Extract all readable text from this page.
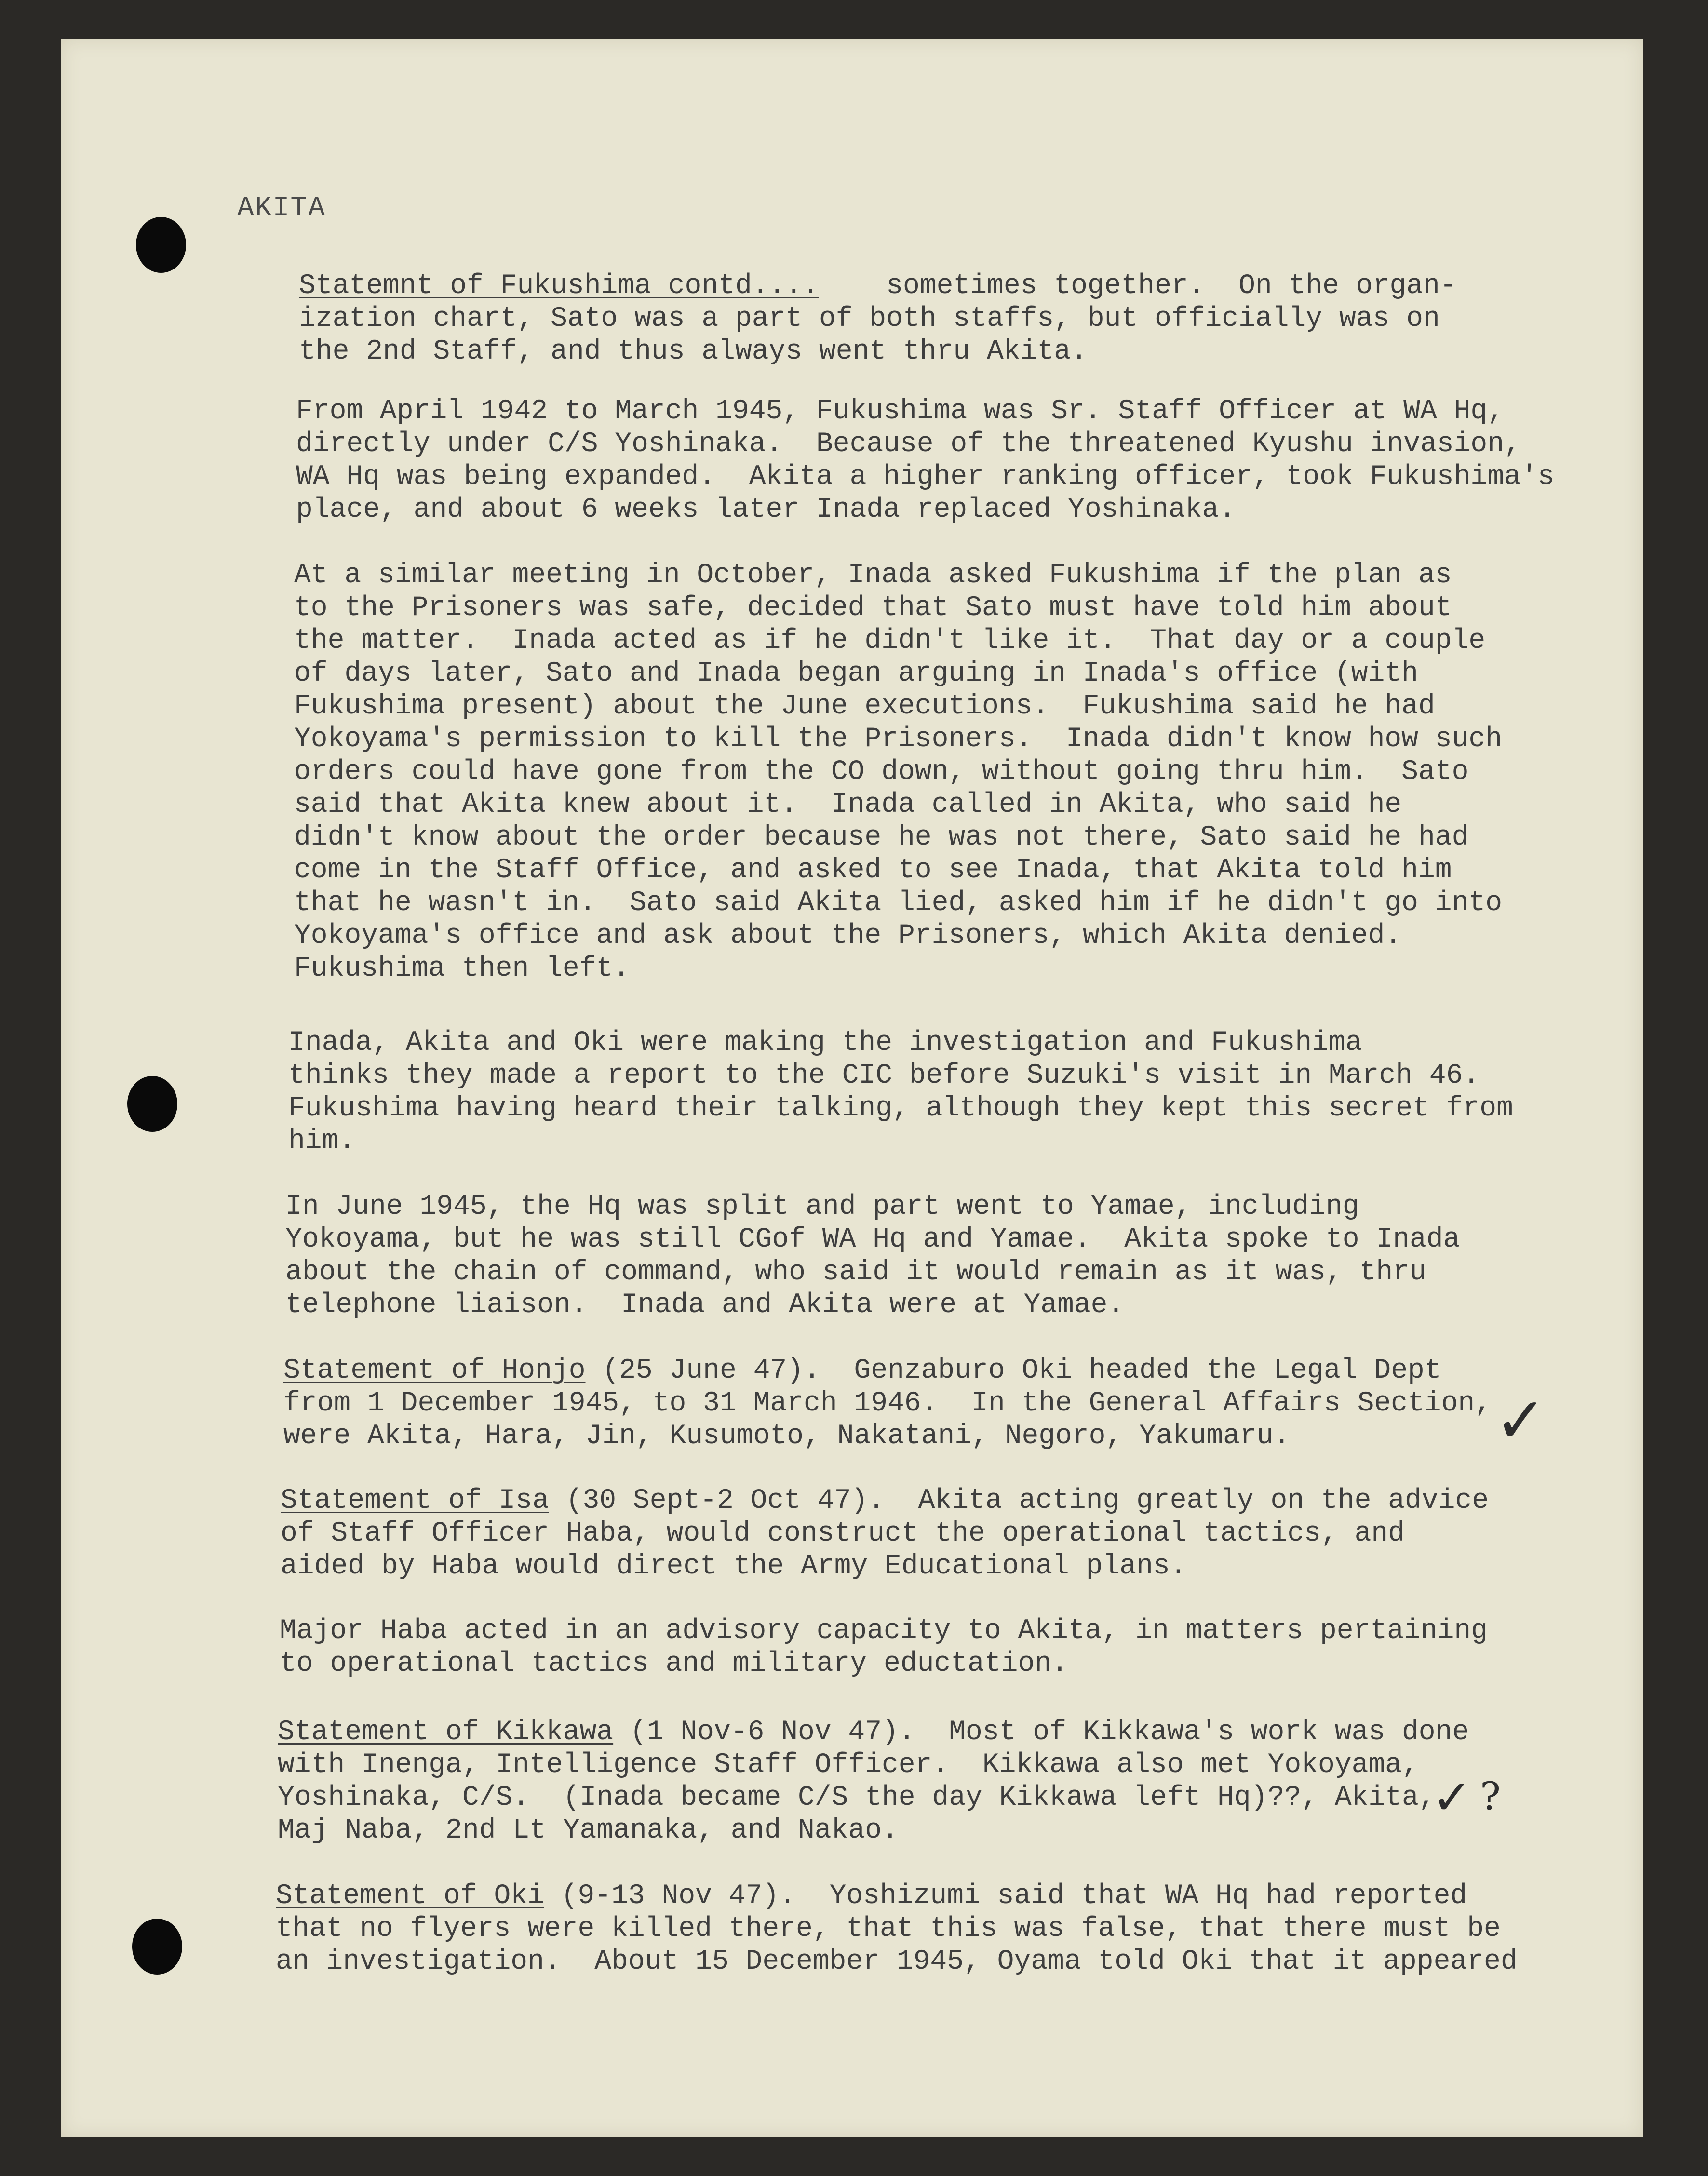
AKITA
Statemnt of Fukushima contd....    sometimes together.  On the organ-
ization chart, Sato was a part of both staffs, but officially was on
the 2nd Staff, and thus always went thru Akita.
From April 1942 to March 1945, Fukushima was Sr. Staff Officer at WA Hq,
directly under C/S Yoshinaka.  Because of the threatened Kyushu invasion,
WA Hq was being expanded.  Akita a higher ranking officer, took Fukushima's
place, and about 6 weeks later Inada replaced Yoshinaka.
At a similar meeting in October, Inada asked Fukushima if the plan as
to the Prisoners was safe, decided that Sato must have told him about
the matter.  Inada acted as if he didn't like it.  That day or a couple
of days later, Sato and Inada began arguing in Inada's office (with
Fukushima present) about the June executions.  Fukushima said he had
Yokoyama's permission to kill the Prisoners.  Inada didn't know how such
orders could have gone from the CO down, without going thru him.  Sato
said that Akita knew about it.  Inada called in Akita, who said he
didn't know about the order because he was not there, Sato said he had
come in the Staff Office, and asked to see Inada, that Akita told him
that he wasn't in.  Sato said Akita lied, asked him if he didn't go into
Yokoyama's office and ask about the Prisoners, which Akita denied.
Fukushima then left.
Inada, Akita and Oki were making the investigation and Fukushima
thinks they made a report to the CIC before Suzuki's visit in March 46.
Fukushima having heard their talking, although they kept this secret from
him.
In June 1945, the Hq was split and part went to Yamae, including
Yokoyama, but he was still CGof WA Hq and Yamae.  Akita spoke to Inada
about the chain of command, who said it would remain as it was, thru
telephone liaison.  Inada and Akita were at Yamae.
Statement of Honjo (25 June 47).  Genzaburo Oki headed the Legal Dept
from 1 December 1945, to 31 March 1946.  In the General Affairs Section,
were Akita, Hara, Jin, Kusumoto, Nakatani, Negoro, Yakumaru.
Statement of Isa (30 Sept-2 Oct 47).  Akita acting greatly on the advice
of Staff Officer Haba, would construct the operational tactics, and
aided by Haba would direct the Army Educational plans.
Major Haba acted in an advisory capacity to Akita, in matters pertaining
to operational tactics and military eductation.
Statement of Kikkawa (1 Nov-6 Nov 47).  Most of Kikkawa's work was done
with Inenga, Intelligence Staff Officer.  Kikkawa also met Yokoyama,
Yoshinaka, C/S.  (Inada became C/S the day Kikkawa left Hq)??, Akita,
Maj Naba, 2nd Lt Yamanaka, and Nakao.
Statement of Oki (9-13 Nov 47).  Yoshizumi said that WA Hq had reported
that no flyers were killed there, that this was false, that there must be
an investigation.  About 15 December 1945, Oyama told Oki that it appeared
✓
✓ ?
